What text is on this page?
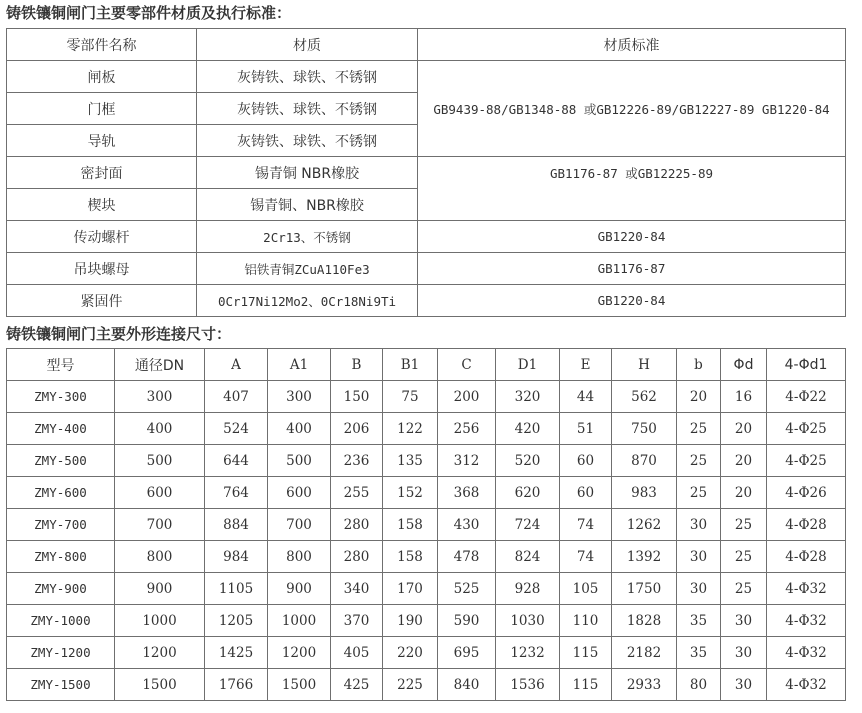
铸铁镶铜闸门主要零部件材质及执行标准：
零部件名称	材质	材质标准
闸板	灰铸铁、球铁、不锈钢	GB9439-88/GB1348-88 或GB12226-89/GB12227-89 GB1220-84
门框	灰铸铁、球铁、不锈钢	
导轨	灰铸铁、球铁、不锈钢	
密封面	锡青铜 NBR橡胶	GB1176-87 或GB12225-89
楔块	锡青铜、NBR橡胶	
传动螺杆	2Cr13、不锈钢	GB1220-84
吊块螺母	铝铁青铜ZCuA110Fe3	GB1176-87
紧固件	0Cr17Ni12Mo2、0Cr18Ni9Ti	GB1220-84
铸铁镶铜闸门主要外形连接尺寸：
型号	通径DN	A	A1	B	B1	C	D1	E	H	b	Φd	4-Φd1
ZMY-300	300	407	300	150	75	200	320	44	562	20	16	4-Φ22
ZMY-400	400	524	400	206	122	256	420	51	750	25	20	4-Φ25
ZMY-500	500	644	500	236	135	312	520	60	870	25	20	4-Φ25
ZMY-600	600	764	600	255	152	368	620	60	983	25	20	4-Φ26
ZMY-700	700	884	700	280	158	430	724	74	1262	30	25	4-Φ28
ZMY-800	800	984	800	280	158	478	824	74	1392	30	25	4-Φ28
ZMY-900	900	1105	900	340	170	525	928	105	1750	30	25	4-Φ32
ZMY-1000	1000	1205	1000	370	190	590	1030	110	1828	35	30	4-Φ32
ZMY-1200	1200	1425	1200	405	220	695	1232	115	2182	35	30	4-Φ32
ZMY-1500	1500	1766	1500	425	225	840	1536	115	2933	80	30	4-Φ32
